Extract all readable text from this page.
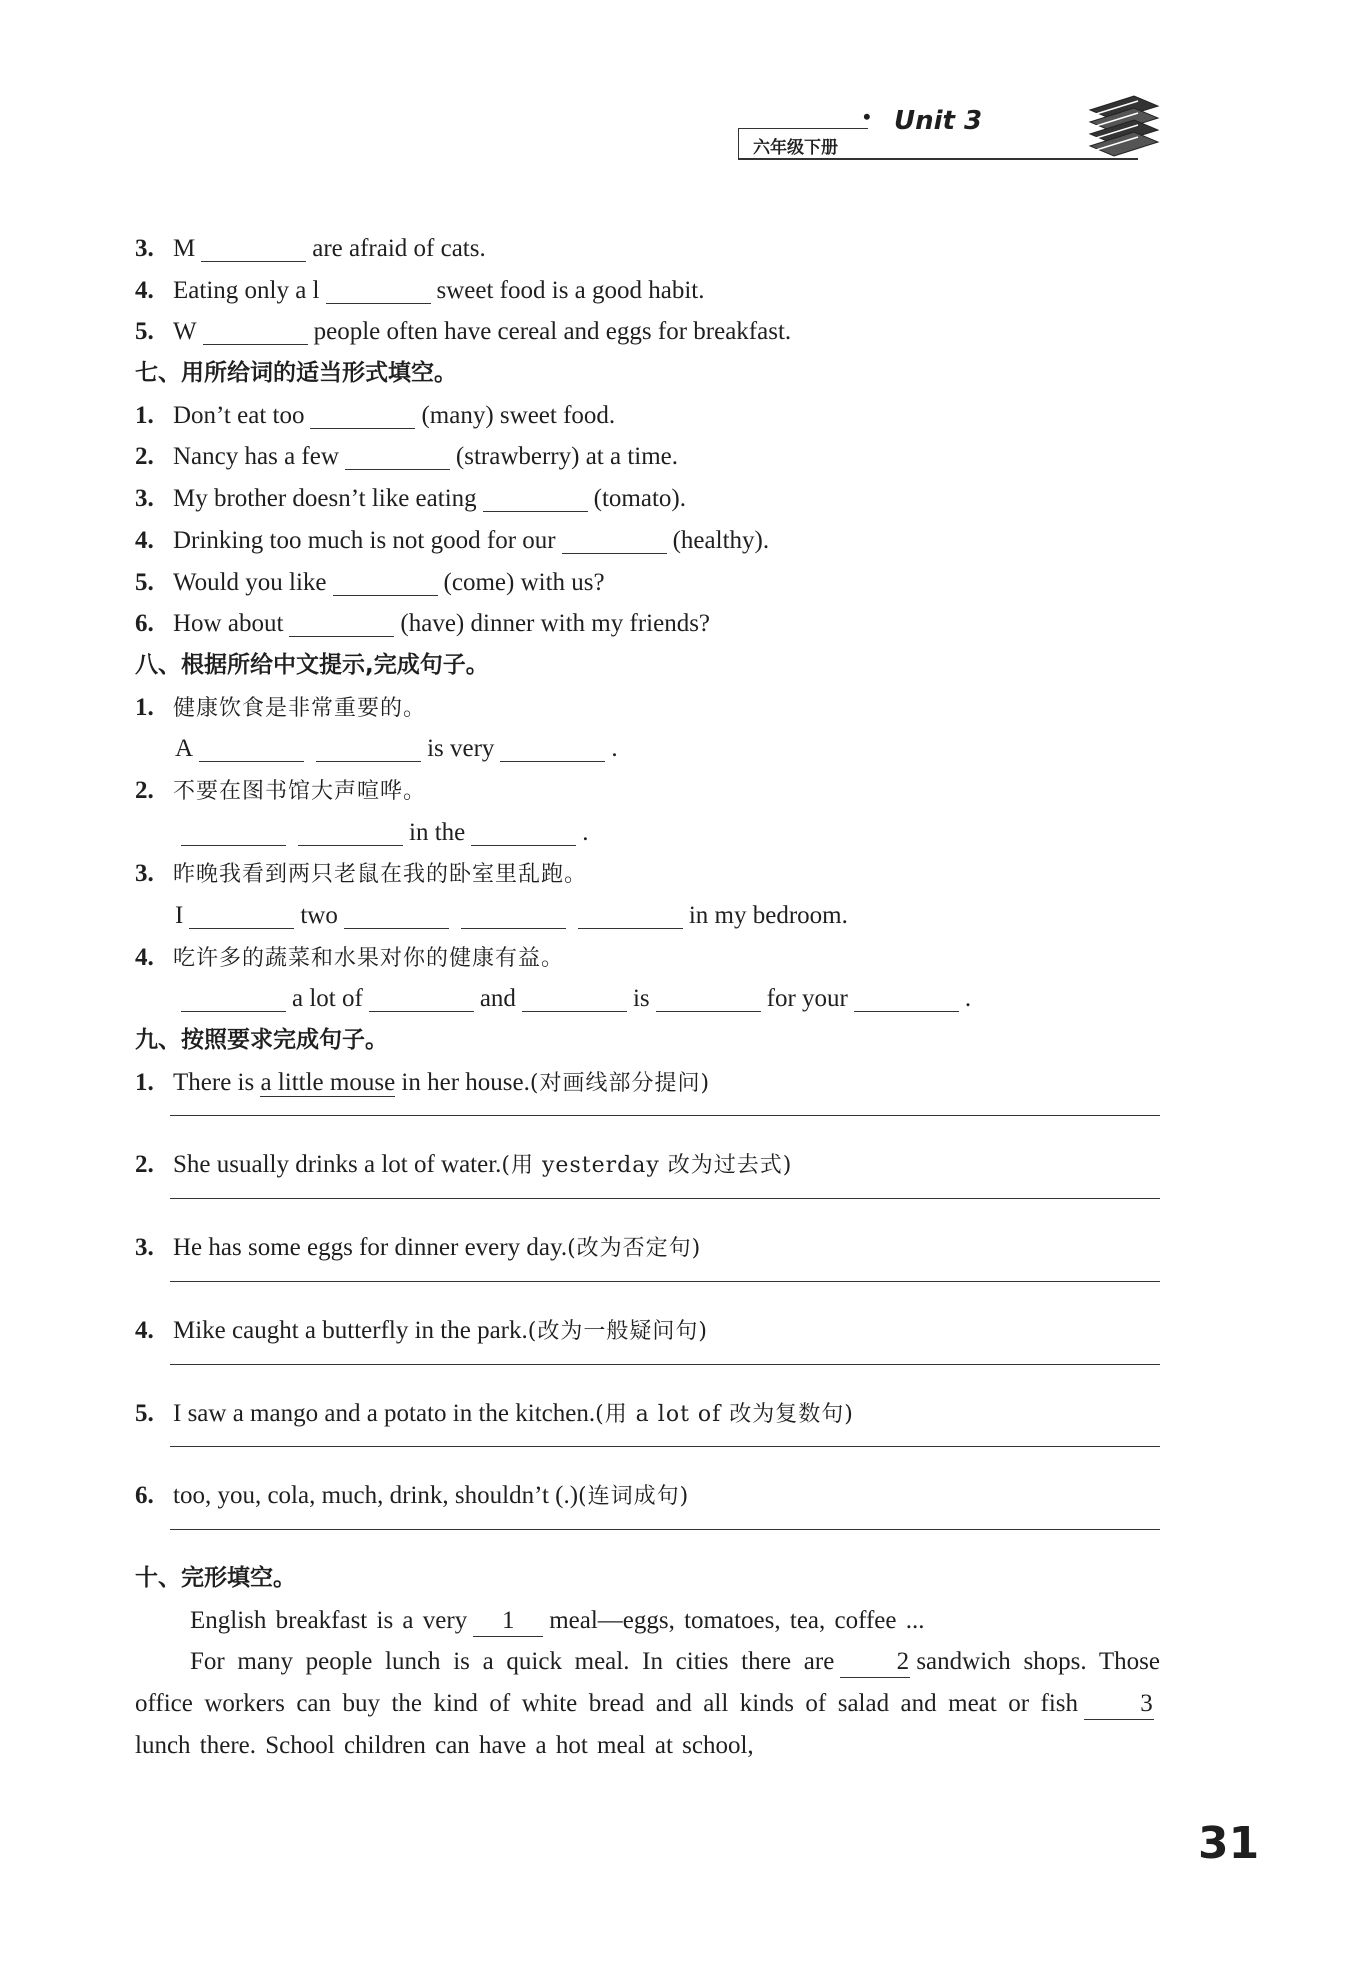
六年级下册
• Unit 3
3. M	are afraid of cats.
4. Eating only a l	sweet food is a good habit.
5. W	people often have cereal and eggs for breakfast.
七、用所给词的适当形式填空。
1. Don’t eat too	(many) sweet food.
2. Nancy has a few	(strawberry) at a time.
3. My brother doesn’t like eating	(tomato).
4. Drinking too much is not good for our	(healthy).
5. Would you like	(come) with us?
6. How about	(have) dinner with my friends?
八、根据所给中文提示,完成句子。
1. 健康饮食是非常重要的。
A	is very	.
2. 不要在图书馆大声喧哗。
in the	.
3. 昨晚我看到两只老鼠在我的卧室里乱跑。
I	two	in my bedroom.
4. 吃许多的蔬菜和水果对你的健康有益。
a lot of	and	is	for your	.
九、按照要求完成句子。
1. There is a little mouse in her house.(对画线部分提问)
2. She usually drinks a lot of water.(用 yesterday 改为过去式)
3. He has some eggs for dinner every day.(改为否定句)
4. Mike caught a butterfly in the park.(改为一般疑问句)
5. I saw a mango and a potato in the kitchen.(用 a lot of 改为复数句)
6. too, you, cola, much, drink, shouldn’t (.)(连词成句)
十、完形填空。
English breakfast is a very 1 meal—eggs, tomatoes, tea, coffee ...
For many people lunch is a quick meal. In cities there are 2 sandwich shops. Those office workers can buy the kind of white bread and all kinds of salad and meat or fish 3lunch there. School children can have a hot meal at school,
31
